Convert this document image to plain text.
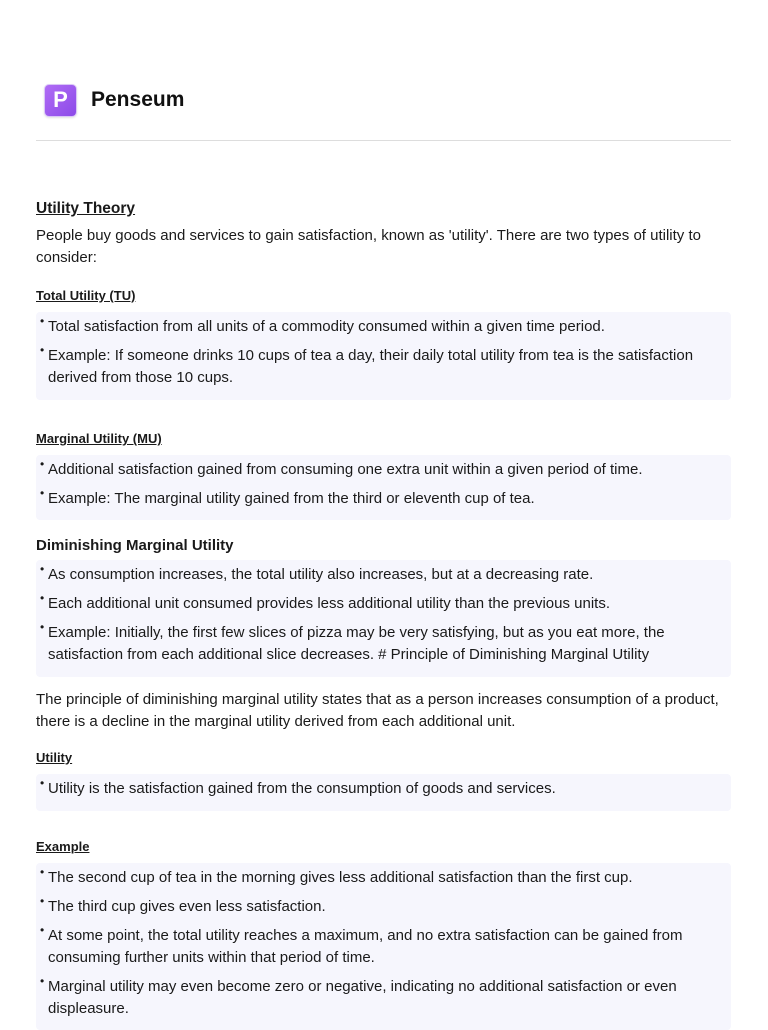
P	Penseum
Utility Theory

People buy goods and services to gain satisfaction, known as 'utility'. There are two types of utility to consider:

Total Utility (TU)
• Total satisfaction from all units of a commodity consumed within a given time period.
• Example: If someone drinks 10 cups of tea a day, their daily total utility from tea is the satisfaction derived from those 10 cups.
Marginal Utility (MU)
• Additional satisfaction gained from consuming one extra unit within a given period of time.
• Example: The marginal utility gained from the third or eleventh cup of tea.
Diminishing Marginal Utility
• As consumption increases, the total utility also increases, but at a decreasing rate.
• Each additional unit consumed provides less additional utility than the previous units.
• Example: Initially, the first few slices of pizza may be very satisfying, but as you eat more, the satisfaction from each additional slice decreases. # Principle of Diminishing Marginal Utility

The principle of diminishing marginal utility states that as a person increases consumption of a product, there is a decline in the marginal utility derived from each additional unit.

Utility
• Utility is the satisfaction gained from the consumption of goods and services.
Example
• The second cup of tea in the morning gives less additional satisfaction than the first cup.
• The third cup gives even less satisfaction.
• At some point, the total utility reaches a maximum, and no extra satisfaction can be gained from consuming further units within that period of time.
• Marginal utility may even become zero or negative, indicating no additional satisfaction or even displeasure.
